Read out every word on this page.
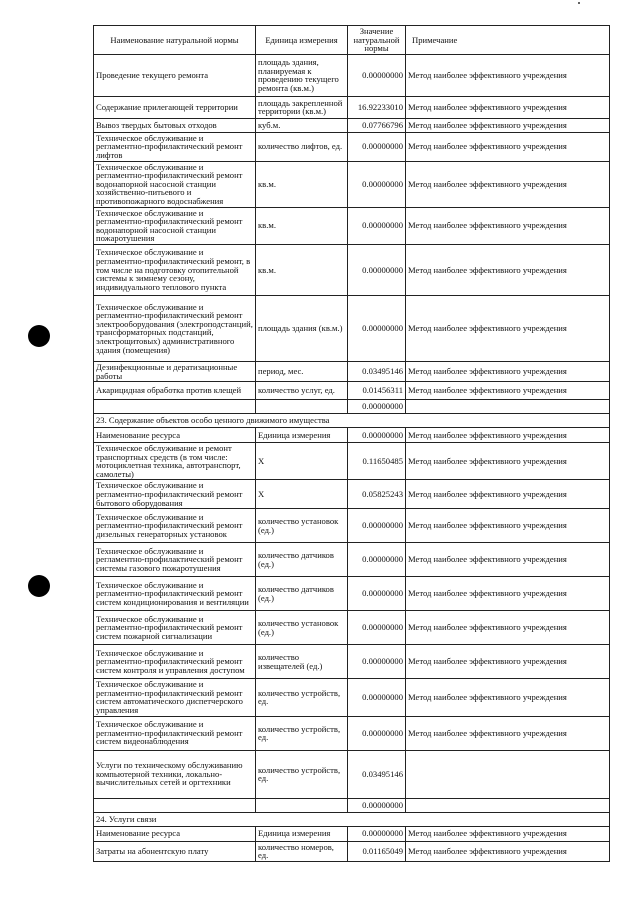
Наименование натуральной нормы	Единица измерения	Значение натуральной нормы	Примечание
Проведение текущего ремонта	площадь здания, планируемая к проведению текущего ремонта (кв.м.)	0.00000000	Метод наиболее эффективного учреждения
Содержание прилегающей территории	площадь закрепленной территории (кв.м.)	16.92233010	Метод наиболее эффективного учреждения
Вывоз твердых бытовых отходов	куб.м.	0.07766796	Метод наиболее эффективного учреждения
Техническое обслуживание и регламентно-профилактический ремонт лифтов	количество лифтов, ед.	0.00000000	Метод наиболее эффективного учреждения
Техническое обслуживание и регламентно-профилактический ремонт водонапорной насосной станции хозяйственно-питьевого и противопожарного водоснабжения	кв.м.	0.00000000	Метод наиболее эффективного учреждения
Техническое обслуживание и регламентно-профилактический ремонт водонапорной насосной станции пожаротушения	кв.м.	0.00000000	Метод наиболее эффективного учреждения
Техническое обслуживание и регламентно-профилактический ремонт, в том числе на подготовку отопительной системы к зимнему сезону, индивидуального теплового пункта	кв.м.	0.00000000	Метод наиболее эффективного учреждения
Техническое обслуживание и регламентно-профилактический ремонт электрооборудования (электроподстанций, трансформаторных подстанций, электрощитовых) административного здания (помещения)	площадь здания (кв.м.)	0.00000000	Метод наиболее эффективного учреждения
Дезинфекционные и дератизационные работы	период, мес.	0.03495146	Метод наиболее эффективного учреждения
Акарицидная обработка против клещей	количество услуг, ед.	0.01456311	Метод наиболее эффективного учреждения
		0.00000000	
23. Содержание объектов особо ценного движимого имущества			
Наименование ресурса	Единица измерения	0.00000000	Метод наиболее эффективного учреждения
Техническое обслуживание и ремонт транспортных средств (в том числе: мотоциклетная техника, автотранспорт, самолеты)	X	0.11650485	Метод наиболее эффективного учреждения
Техническое обслуживание и регламентно-профилактический ремонт бытового оборудования	X	0.05825243	Метод наиболее эффективного учреждения
Техническое обслуживание и регламентно-профилактический ремонт дизельных генераторных установок	количество установок (ед.)	0.00000000	Метод наиболее эффективного учреждения
Техническое обслуживание и регламентно-профилактический ремонт системы газового пожаротушения	количество датчиков (ед.)	0.00000000	Метод наиболее эффективного учреждения
Техническое обслуживание и регламентно-профилактический ремонт систем кондиционирования и вентиляции	количество датчиков (ед.)	0.00000000	Метод наиболее эффективного учреждения
Техническое обслуживание и регламентно-профилактический ремонт систем пожарной сигнализации	количество установок (ед.)	0.00000000	Метод наиболее эффективного учреждения
Техническое обслуживание и регламентно-профилактический ремонт систем контроля и управления доступом	количество извещателей (ед.)	0.00000000	Метод наиболее эффективного учреждения
Техническое обслуживание и регламентно-профилактический ремонт систем автоматического диспетчерского управления	количество устройств, ед.	0.00000000	Метод наиболее эффективного учреждения
Техническое обслуживание и регламентно-профилактический ремонт систем видеонаблюдения	количество устройств, ед.	0.00000000	Метод наиболее эффективного учреждения
Услуги по техническому обслуживанию компьютерной техники, локально-вычислительных сетей и оргтехники	количество устройств, ед.	0.03495146	
		0.00000000	
24. Услуги связи			
Наименование ресурса	Единица измерения	0.00000000	Метод наиболее эффективного учреждения
Затраты на абонентскую плату	количество номеров, ед.	0.01165049	Метод наиболее эффективного учреждения
